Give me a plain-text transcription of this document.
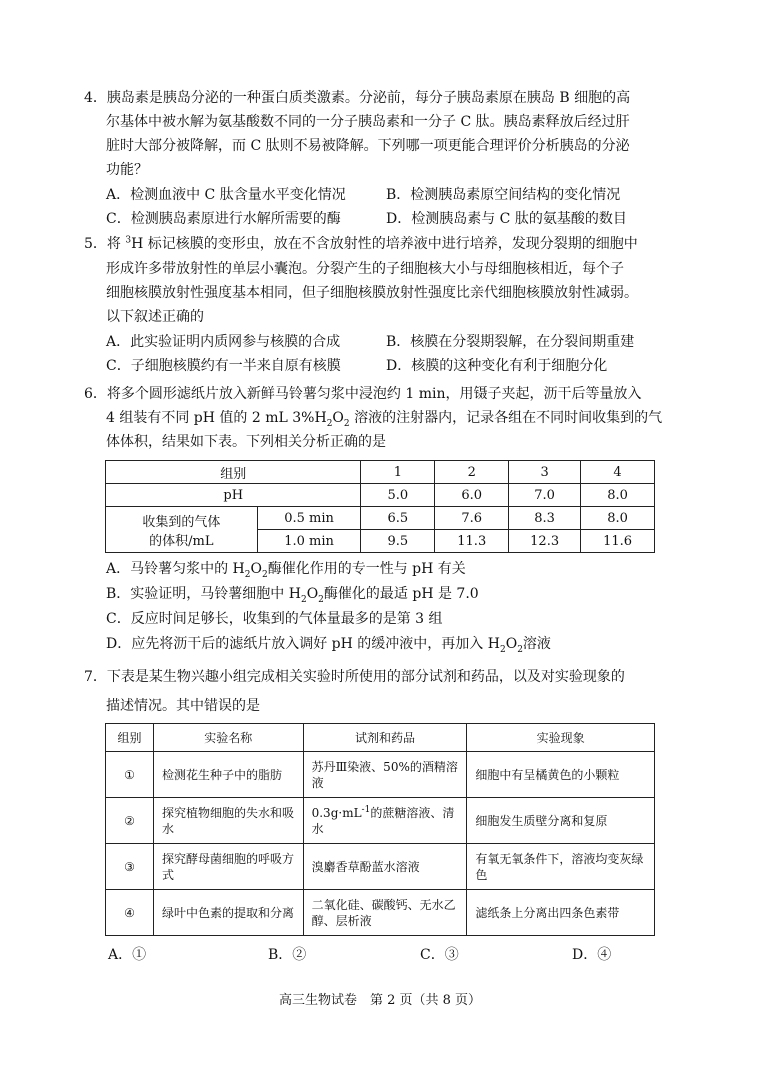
4．胰岛素是胰岛分泌的一种蛋白质类激素。分泌前，每分子胰岛素原在胰岛 B 细胞的高
尔基体中被水解为氨基酸数不同的一分子胰岛素和一分子 C 肽。胰岛素释放后经过肝
脏时大部分被降解，而 C 肽则不易被降解。下列哪一项更能合理评价分析胰岛的分泌
功能？
A．检测血液中 C 肽含量水平变化情况	B．检测胰岛素原空间结构的变化情况
C．检测胰岛素原进行水解所需要的酶	D．检测胰岛素与 C 肽的氨基酸的数目
5．将 $^3$H 标记核膜的变形虫，放在不含放射性的培养液中进行培养，发现分裂期的细胞中
形成许多带放射性的单层小囊泡。分裂产生的子细胞核大小与母细胞核相近，每个子
细胞核膜放射性强度基本相同，但子细胞核膜放射性强度比亲代细胞核膜放射性减弱。
以下叙述正确的
A．此实验证明内质网参与核膜的合成	B．核膜在分裂期裂解，在分裂间期重建
C．子细胞核膜约有一半来自原有核膜	D．核膜的这种变化有利于细胞分化
6．将多个圆形滤纸片放入新鲜马铃薯匀浆中浸泡约 1 min，用镊子夹起，沥干后等量放入
4 组装有不同 pH 值的 2 mL $3\%H_2O_2$ 溶液的注射器内，记录各组在不同时间收集到的气
体体积，结果如下表。下列相关分析正确的是
组别		1	2	3	4
pH		5.0	6.0	7.0	8.0

收集到的气体
的体积/mL	0.5 min	6.5	7.6	8.3	8.0
	1.0 min	9.5	11.3	12.3	11.6
A．马铃薯匀浆中的 $H_2O_2$酶催化作用的专一性与 pH 有关
B．实验证明，马铃薯细胞中 $H_2O_2$酶催化的最适 pH 是 7.0
C．反应时间足够长，收集到的气体量最多的是第 3 组
D．应先将沥干后的滤纸片放入调好 pH 的缓冲液中，再加入 $H_2O_2$溶液
7．下表是某生物兴趣小组完成相关实验时所使用的部分试剂和药品，以及对实验现象的
描述情况。其中错误的是
组别	实验名称	试剂和药品	实验现象
①	检测花生种子中的脂肪	苏丹Ⅲ染液、50%的酒精溶液	细胞中有呈橘黄色的小颗粒
②	探究植物细胞的失水和吸水	$0.3g\cdot mL^{-1}$的蔗糖溶液、清水	细胞发生质壁分离和复原
③	探究酵母菌细胞的呼吸方式	溴麝香草酚蓝水溶液	有氧无氧条件下，溶液均变灰绿色
④	绿叶中色素的提取和分离	二氧化硅、碳酸钙、无水乙醇、层析液	滤纸条上分离出四条色素带
A．①	B．②	C．③	D．④
高三生物试卷　第 2 页（共 8 页）
